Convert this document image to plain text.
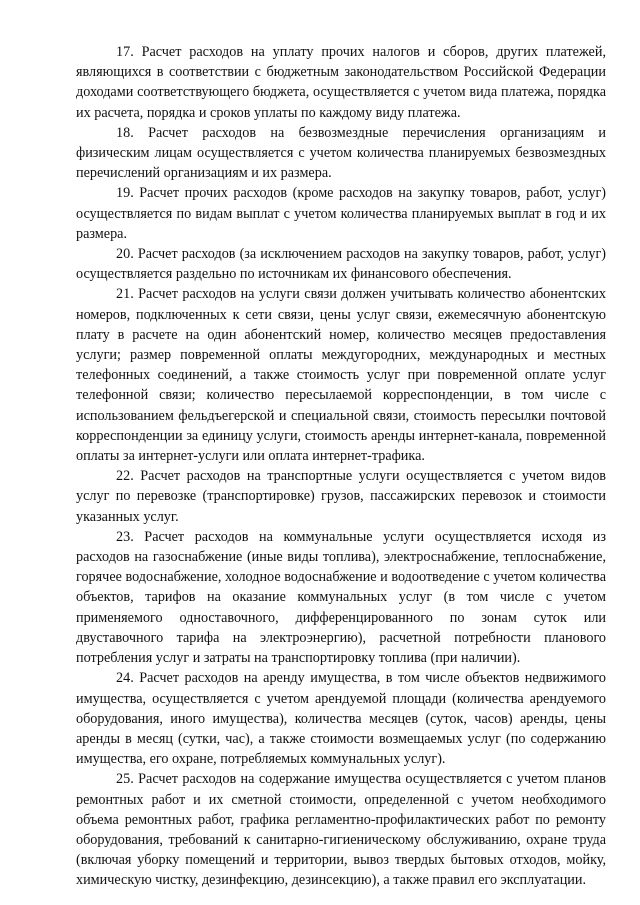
17. Расчет расходов на уплату прочих налогов и сборов, других платежей, являющихся в соответствии с бюджетным законодательством Российской Федерации доходами соответствующего бюджета, осуществляется с учетом вида платежа, порядка их расчета, порядка и сроков уплаты по каждому виду платежа.

18. Расчет расходов на безвозмездные перечисления организациям и физическим лицам осуществляется с учетом количества планируемых безвозмездных перечислений организациям и их размера.

19. Расчет прочих расходов (кроме расходов на закупку товаров, работ, услуг) осуществляется по видам выплат с учетом количества планируемых выплат в год и их размера.

20. Расчет расходов (за исключением расходов на закупку товаров, работ, услуг) осуществляется раздельно по источникам их финансового обеспечения.

21. Расчет расходов на услуги связи должен учитывать количество абонентских номеров, подключенных к сети связи, цены услуг связи, ежемесячную абонентскую плату в расчете на один абонентский номер, количество месяцев предоставления услуги; размер повременной оплаты междугородних, международных и местных телефонных соединений, а также стоимость услуг при повременной оплате услуг телефонной связи; количество пересылаемой корреспонденции, в том числе с использованием фельдъегерской и специальной связи, стоимость пересылки почтовой корреспонденции за единицу услуги, стоимость аренды интернет-канала, повременной оплаты за интернет-услуги или оплата интернет-трафика.

22. Расчет расходов на транспортные услуги осуществляется с учетом видов услуг по перевозке (транспортировке) грузов, пассажирских перевозок и стоимости указанных услуг.

23. Расчет расходов на коммунальные услуги осуществляется исходя из расходов на газоснабжение (иные виды топлива), электроснабжение, теплоснабжение, горячее водоснабжение, холодное водоснабжение и водоотведение с учетом количества объектов, тарифов на оказание коммунальных услуг (в том числе с учетом применяемого одноставочного, дифференцированного по зонам суток или двуставочного тарифа на электроэнергию), расчетной потребности планового потребления услуг и затраты на транспортировку топлива (при наличии).

24. Расчет расходов на аренду имущества, в том числе объектов недвижимого имущества, осуществляется с учетом арендуемой площади (количества арендуемого оборудования, иного имущества), количества месяцев (суток, часов) аренды, цены аренды в месяц (сутки, час), а также стоимости возмещаемых услуг (по содержанию имущества, его охране, потребляемых коммунальных услуг).

25. Расчет расходов на содержание имущества осуществляется с учетом планов ремонтных работ и их сметной стоимости, определенной с учетом необходимого объема ремонтных работ, графика регламентно-профилактических работ по ремонту оборудования, требований к санитарно-гигиеническому обслуживанию, охране труда (включая уборку помещений и территории, вывоз твердых бытовых отходов, мойку, химическую чистку, дезинфекцию, дезинсекцию), а также правил его эксплуатации.
